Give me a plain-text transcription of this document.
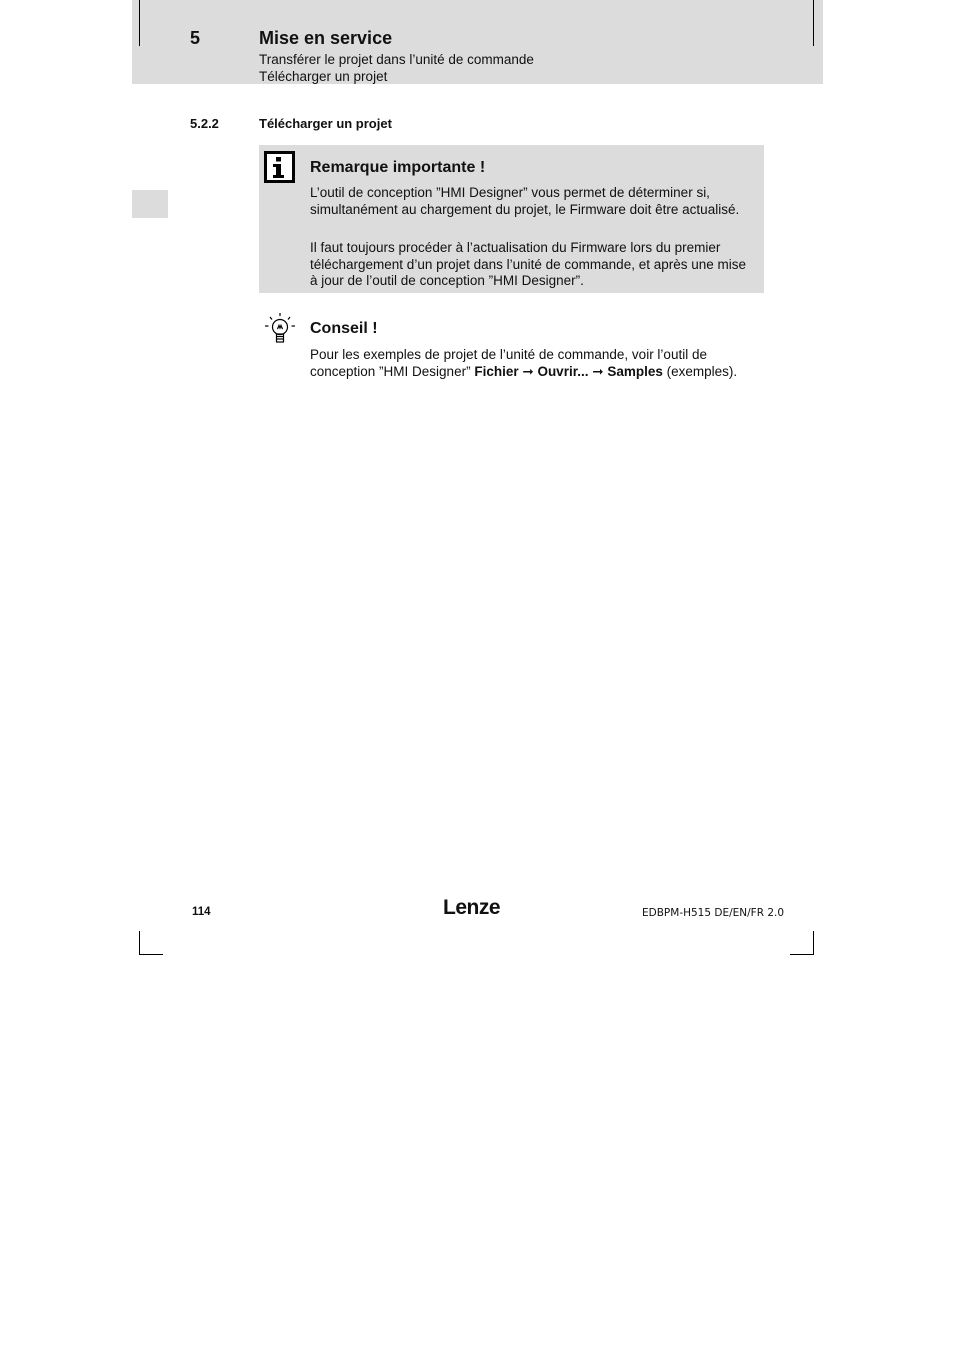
5	Mise en service
Transférer le projet dans l’unité de commande
Télécharger un projet
5.2.2	Télécharger un projet
Remarque importante !
L’outil de conception ”HMI Designer” vous permet de déterminer si, simultanément au chargement du projet, le Firmware doit être actualisé.
Il faut toujours procéder à l’actualisation du Firmware lors du premier téléchargement d’un projet dans l’unité de commande, et après une mise à jour de l’outil de conception ”HMI Designer”.
Conseil !
Pour les exemples de projet de l’unité de commande, voir l’outil de conception ”HMI Designer” Fichier ➞ Ouvrir... ➞ Samples (exemples).
114	Lenze	EDBPM-H515 DE/EN/FR 2.0
